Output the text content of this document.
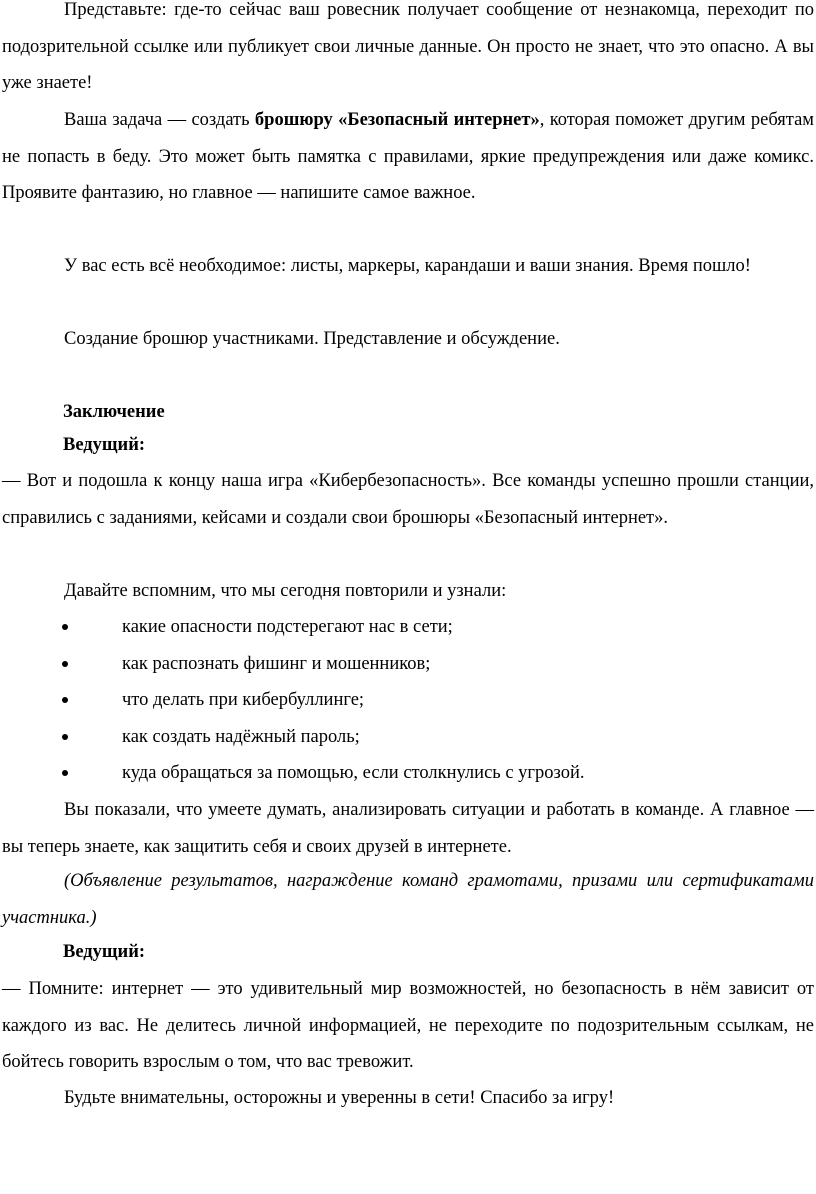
Представьте: где-то сейчас ваш ровесник получает сообщение от незнакомца, переходит по подозрительной ссылке или публикует свои личные данные. Он просто не знает, что это опасно. А вы уже знаете!

Ваша задача — создать брошюру «Безопасный интернет», которая поможет другим ребятам не попасть в беду. Это может быть памятка с правилами, яркие предупреждения или даже комикс. Проявите фантазию, но главное — напишите самое важное.

У вас есть всё необходимое: листы, маркеры, карандаши и ваши знания. Время пошло!

Создание брошюр участниками. Представление и обсуждение.

Заключение

Ведущий:

— Вот и подошла к концу наша игра «Кибербезопасность». Все команды успешно прошли станции, справились с заданиями, кейсами и создали свои брошюры «Безопасный интернет».

Давайте вспомним, что мы сегодня повторили и узнали:

какие опасности подстерегают нас в сети;
как распознать фишинг и мошенников;
что делать при кибербуллинге;
как создать надёжный пароль;
куда обращаться за помощью, если столкнулись с угрозой.

Вы показали, что умеете думать, анализировать ситуации и работать в команде. А главное — вы теперь знаете, как защитить себя и своих друзей в интернете.

(Объявление результатов, награждение команд грамотами, призами или сертификатами участника.)

Ведущий:

— Помните: интернет — это удивительный мир возможностей, но безопасность в нём зависит от каждого из вас. Не делитесь личной информацией, не переходите по подозрительным ссылкам, не бойтесь говорить взрослым о том, что вас тревожит.

Будьте внимательны, осторожны и уверенны в сети! Спасибо за игру!
